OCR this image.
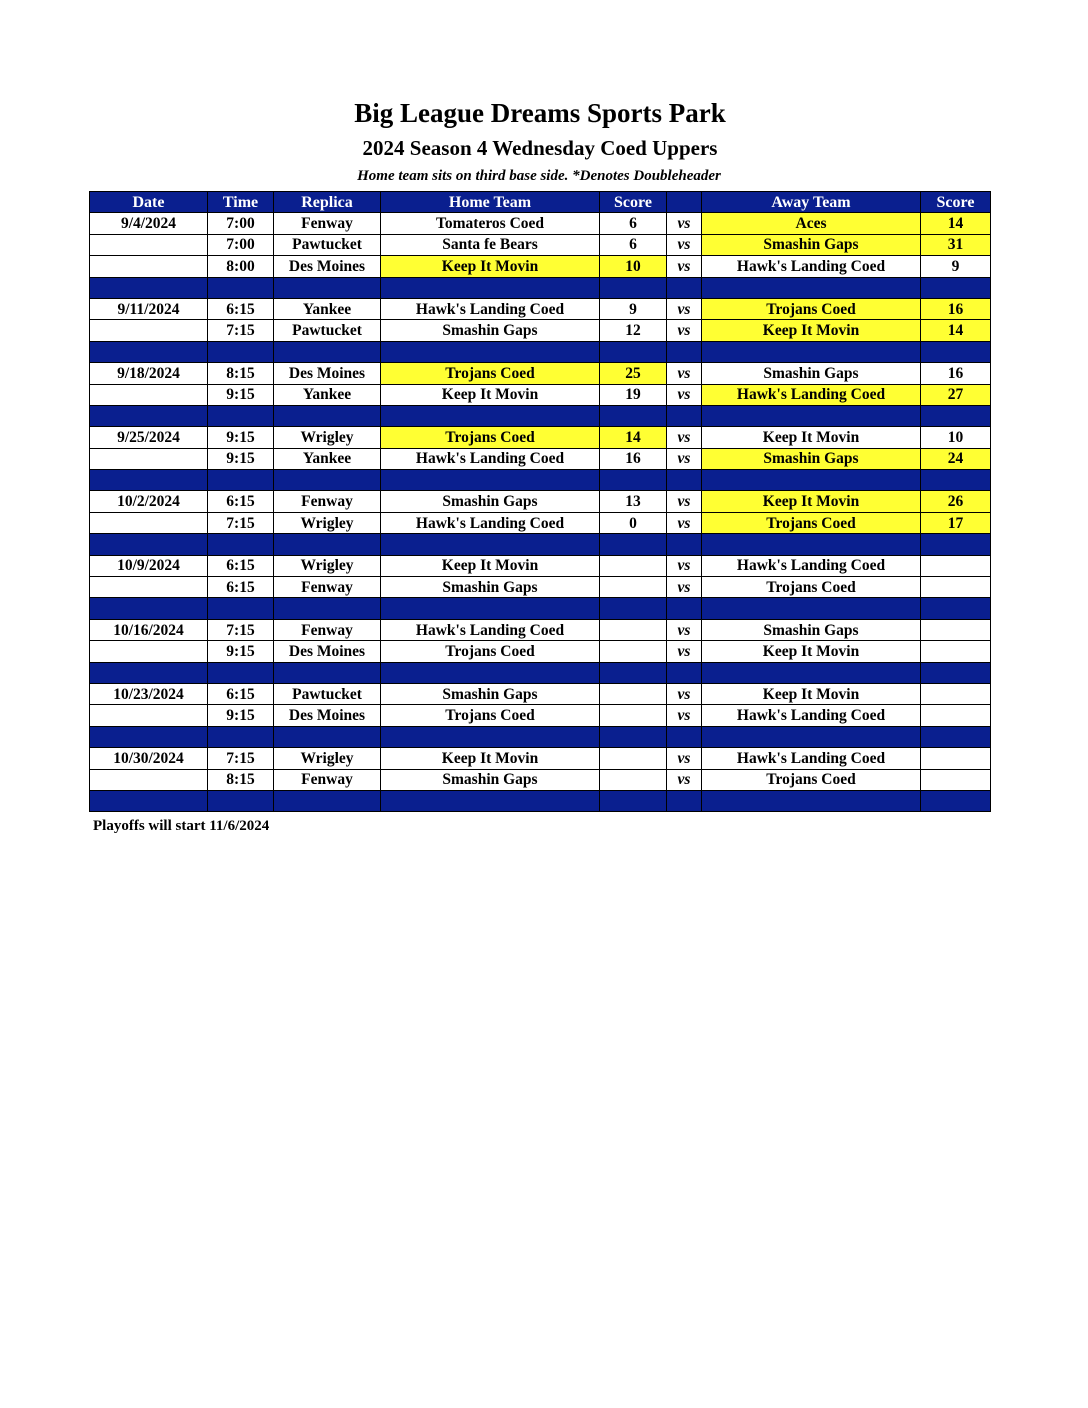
Big League Dreams Sports Park
2024 Season 4 Wednesday Coed Uppers
Home team sits on third base side. *Denotes Doubleheader
Date	Time	Replica	Home Team	Score		Away Team	Score
9/4/2024	7:00	Fenway	Tomateros Coed	6	vs	Aces	14
	7:00	Pawtucket	Santa fe Bears	6	vs	Smashin Gaps	31
	8:00	Des Moines	Keep It Movin	10	vs	Hawk's Landing Coed	9

9/11/2024	6:15	Yankee	Hawk's Landing Coed	9	vs	Trojans Coed	16
	7:15	Pawtucket	Smashin Gaps	12	vs	Keep It Movin	14

9/18/2024	8:15	Des Moines	Trojans Coed	25	vs	Smashin Gaps	16
	9:15	Yankee	Keep It Movin	19	vs	Hawk's Landing Coed	27

9/25/2024	9:15	Wrigley	Trojans Coed	14	vs	Keep It Movin	10
	9:15	Yankee	Hawk's Landing Coed	16	vs	Smashin Gaps	24

10/2/2024	6:15	Fenway	Smashin Gaps	13	vs	Keep It Movin	26
	7:15	Wrigley	Hawk's Landing Coed	0	vs	Trojans Coed	17

10/9/2024	6:15	Wrigley	Keep It Movin		vs	Hawk's Landing Coed	
	6:15	Fenway	Smashin Gaps		vs	Trojans Coed	

10/16/2024	7:15	Fenway	Hawk's Landing Coed		vs	Smashin Gaps	
	9:15	Des Moines	Trojans Coed		vs	Keep It Movin	

10/23/2024	6:15	Pawtucket	Smashin Gaps		vs	Keep It Movin	
	9:15	Des Moines	Trojans Coed		vs	Hawk's Landing Coed	

10/30/2024	7:15	Wrigley	Keep It Movin		vs	Hawk's Landing Coed	
	8:15	Fenway	Smashin Gaps		vs	Trojans Coed	

Playoffs will start 11/6/2024
